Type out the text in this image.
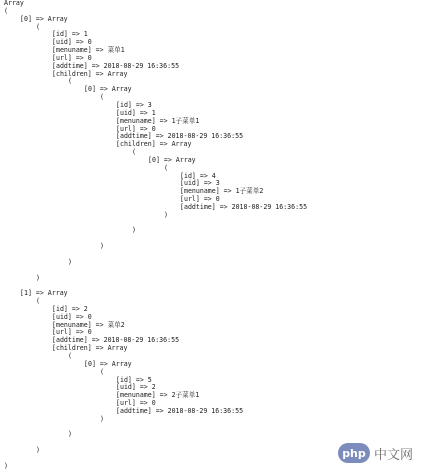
Array
(
[0] => Array
(
[id] => 1
[uid] => 0
[menuname] => 菜单1
[url] => 0
[addtime] => 2018-08-29 16:36:55
[children] => Array
(
[0] => Array
(
[id] => 3
[uid] => 1
[menuname] => 1子菜单1
[url] => 0
[addtime] => 2018-08-29 16:36:55
[children] => Array
(
[0] => Array
(
[id] => 4
[uid] => 3
[menuname] => 1子菜单2
[url] => 0
[addtime] => 2018-08-29 16:36:55
)
)
)
)
)
[1] => Array
(
[id] => 2
[uid] => 0
[menuname] => 菜单2
[url] => 0
[addtime] => 2018-08-29 16:36:55
[children] => Array
(
[0] => Array
(
[id] => 5
[uid] => 2
[menuname] => 2子菜单1
[url] => 0
[addtime] => 2018-08-29 16:36:55
)
)
)
)
php 中文网
